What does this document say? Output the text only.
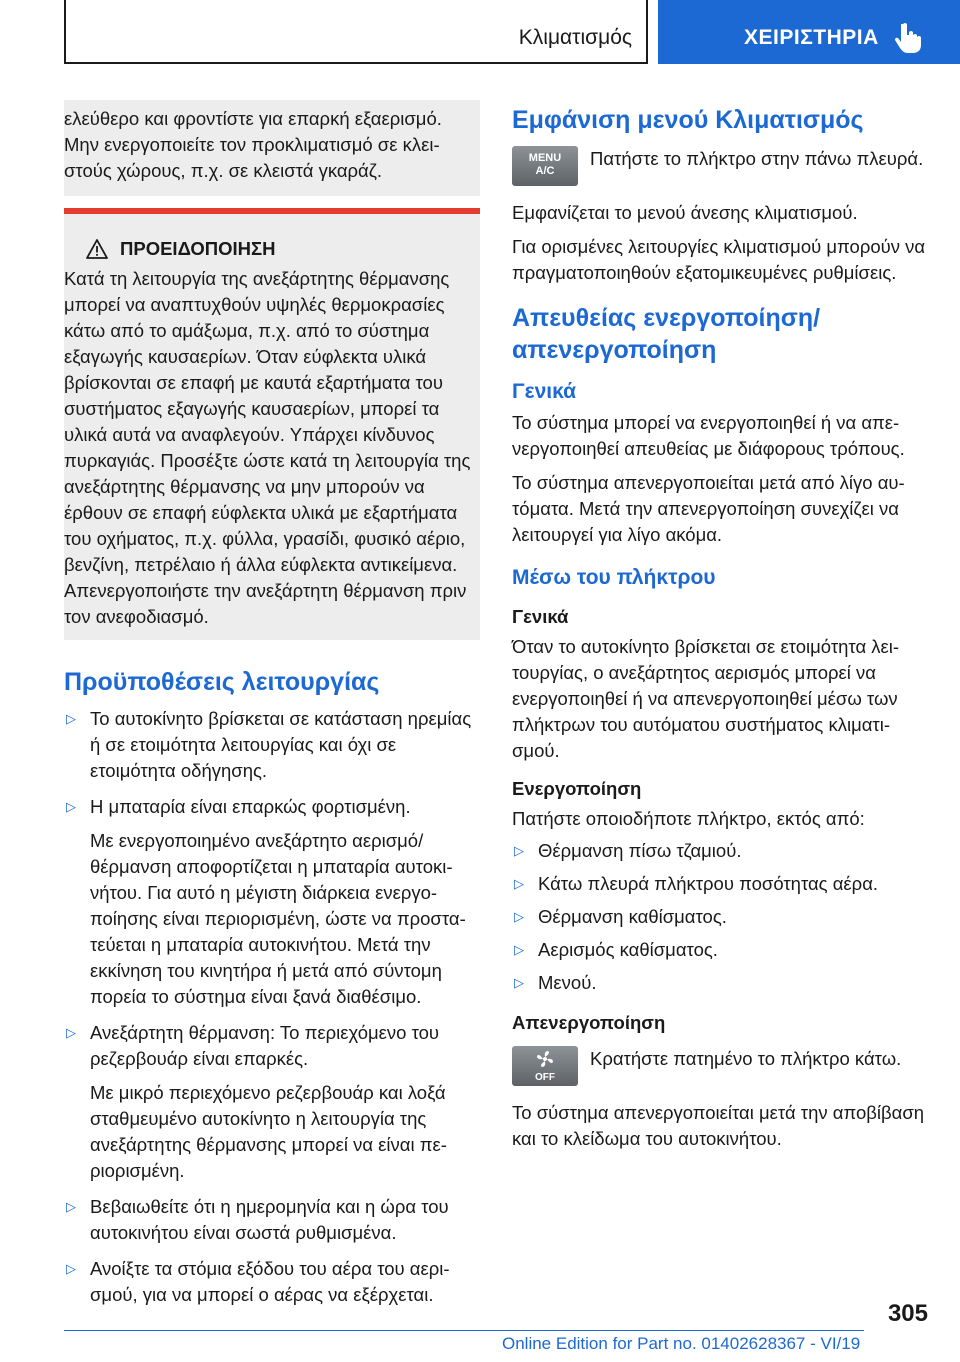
Κλιματισμός	ΧΕΙΡΙΣΤΗΡΙΑ
ελεύθερο και φροντίστε για επαρκή εξαερισμό. Μην ενεργοποιείτε τον προκλιματισμό σε κλειστούς χώρους, π.χ. σε κλειστά γκαράζ.
ΠΡΟΕΙΔΟΠΟΙΗΣΗ
Κατά τη λειτουργία της ανεξάρτητης θέρμανσης μπορεί να αναπτυχθούν υψηλές θερμοκρασίες κάτω από το αμάξωμα, π.χ. από το σύστημα εξαγωγής καυσαερίων. Όταν εύφλεκτα υλικά βρίσκονται σε επαφή με καυτά εξαρτήματα του συστήματος εξαγωγής καυσαερίων, μπορεί τα υλικά αυτά να αναφλεγούν. Υπάρχει κίνδυνος πυρκαγιάς. Προσέξτε ώστε κατά τη λειτουργία της ανεξάρτητης θέρμανσης να μην μπορούν να έρθουν σε επαφή εύφλεκτα υλικά με εξαρτήματα του οχήματος, π.χ. φύλλα, γρασίδι, φυσικό αέριο, βενζίνη, πετρέλαιο ή άλλα εύφλεκτα αντικείμενα. Απενεργοποιήστε την ανεξάρτητη θέρμανση πριν τον ανεφοδιασμό.
Προϋποθέσεις λειτουργίας
▷ Το αυτοκίνητο βρίσκεται σε κατάσταση ηρεμίας ή σε ετοιμότητα λειτουργίας και όχι σε ετοιμότητα οδήγησης.
▷ Η μπαταρία είναι επαρκώς φορτισμένη.
Με ενεργοποιημένο ανεξάρτητο αερισμό/ θέρμανση αποφορτίζεται η μπαταρία αυτοκινήτου. Για αυτό η μέγιστη διάρκεια ενεργοποίησης είναι περιορισμένη, ώστε να προστατεύεται η μπαταρία αυτοκινήτου. Μετά την εκκίνηση του κινητήρα ή μετά από σύντομη πορεία το σύστημα είναι ξανά διαθέσιμο.
▷ Ανεξάρτητη θέρμανση: Το περιεχόμενο του ρεζερβουάρ είναι επαρκές.
Με μικρό περιεχόμενο ρεζερβουάρ και λοξά σταθμευμένο αυτοκίνητο η λειτουργία της ανεξάρτητης θέρμανσης μπορεί να είναι περιορισμένη.
▷ Βεβαιωθείτε ότι η ημερομηνία και η ώρα του αυτοκινήτου είναι σωστά ρυθμισμένα.
▷ Ανοίξτε τα στόμια εξόδου του αέρα του αερισμού, για να μπορεί ο αέρας να εξέρχεται.
Εμφάνιση μενού Κλιματισμός
MENU
A/C
Πατήστε το πλήκτρο στην πάνω πλευρά.
Εμφανίζεται το μενού άνεσης κλιματισμού.
Για ορισμένες λειτουργίες κλιματισμού μπορούν να πραγματοποιηθούν εξατομικευμένες ρυθμίσεις.
Απευθείας ενεργοποίηση/ απενεργοποίηση
Γενικά
Το σύστημα μπορεί να ενεργοποιηθεί ή να απενεργοποιηθεί απευθείας με διάφορους τρόπους.
Το σύστημα απενεργοποιείται μετά από λίγο αυτόματα. Μετά την απενεργοποίηση συνεχίζει να λειτουργεί για λίγο ακόμα.
Μέσω του πλήκτρου
Γενικά
Όταν το αυτοκίνητο βρίσκεται σε ετοιμότητα λειτουργίας, ο ανεξάρτητος αερισμός μπορεί να ενεργοποιηθεί ή να απενεργοποιηθεί μέσω των πλήκτρων του αυτόματου συστήματος κλιματισμού.
Ενεργοποίηση
Πατήστε οποιοδήποτε πλήκτρο, εκτός από:
▷ Θέρμανση πίσω τζαμιού.
▷ Κάτω πλευρά πλήκτρου ποσότητας αέρα.
▷ Θέρμανση καθίσματος.
▷ Αερισμός καθίσματος.
▷ Μενού.
Απενεργοποίηση
OFF
Κρατήστε πατημένο το πλήκτρο κάτω.
Το σύστημα απενεργοποιείται μετά την αποβίβαση και το κλείδωμα του αυτοκινήτου.
305
Online Edition for Part no. 01402628367 - VI/19
